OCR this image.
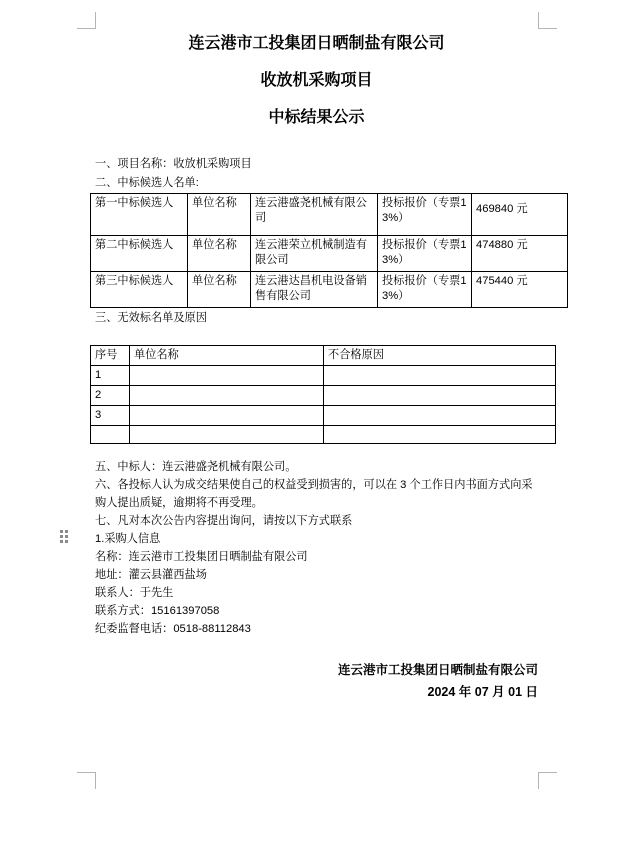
连云港市工投集团日晒制盐有限公司
收放机采购项目
中标结果公示

一、项目名称：收放机采购项目

二、中标候选人名单:

第一中标候选人	单位名称	连云港盛尧机械有限公司	投标报价（专票13%）	469840 元
第二中标候选人	单位名称	连云港荣立机械制造有限公司	投标报价（专票13%）	474880 元
第三中标候选人	单位名称	连云港达昌机电设备销售有限公司	投标报价（专票13%）	475440 元

三、无效标名单及原因

序号	单位名称	不合格原因
1		
2		
3		

五、中标人：连云港盛尧机械有限公司。

六、各投标人认为成交结果使自己的权益受到损害的，可以在 3 个工作日内书面方式向采购人提出质疑，逾期将不再受理。

七、凡对本次公告内容提出询问，请按以下方式联系

1.采购人信息

名称：连云港市工投集团日晒制盐有限公司

地址：灌云县灌西盐场

联系人：于先生

联系方式：15161397058

纪委监督电话：0518-88112843

连云港市工投集团日晒制盐有限公司
2024 年 07 月 01 日
